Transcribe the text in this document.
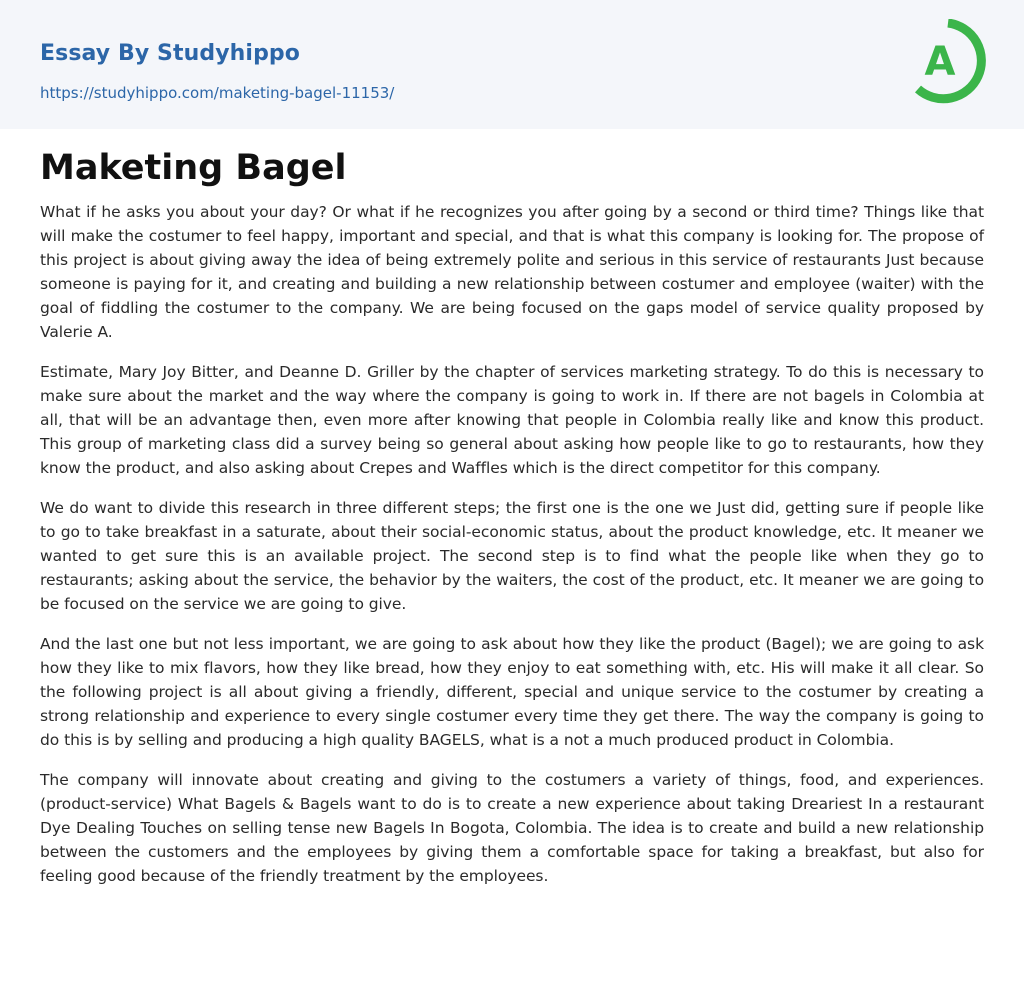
Essay By Studyhippo
https://studyhippo.com/maketing-bagel-11153/
A
Maketing Bagel

What if he asks you about your day? Or what if he recognizes you after going by a second or third time? Things like that will make the costumer to feel happy, important and special, and that is what this company is looking for. The propose of this project is about giving away the idea of being extremely polite and serious in this service of restaurants Just because someone is paying for it, and creating and building a new relationship between costumer and employee (waiter) with the goal of fiddling the costumer to the company. We are being focused on the gaps model of service quality proposed by Valerie A.

Estimate, Mary Joy Bitter, and Deanne D. Griller by the chapter of services marketing strategy. To do this is necessary to make sure about the market and the way where the company is going to work in. If there are not bagels in Colombia at all, that will be an advantage then, even more after knowing that people in Colombia really like and know this product. This group of marketing class did a survey being so general about asking how people like to go to restaurants, how they know the product, and also asking about Crepes and Waffles which is the direct competitor for this company.

We do want to divide this research in three different steps; the first one is the one we Just did, getting sure if people like to go to take breakfast in a saturate, about their social-economic status, about the product knowledge, etc. It meaner we wanted to get sure this is an available project. The second step is to find what the people like when they go to restaurants; asking about the service, the behavior by the waiters, the cost of the product, etc. It meaner we are going to be focused on the service we are going to give.

And the last one but not less important, we are going to ask about how they like the product (Bagel); we are going to ask how they like to mix flavors, how they like bread, how they enjoy to eat something with, etc. His will make it all clear. So the following project is all about giving a friendly, different, special and unique service to the costumer by creating a strong relationship and experience to every single costumer every time they get there. The way the company is going to do this is by selling and producing a high quality BAGELS, what is a not a much produced product in Colombia.

The company will innovate about creating and giving to the costumers a variety of things, food, and experiences. (product-service) What Bagels & Bagels want to do is to create a new experience about taking Dreariest In a restaurant Dye Dealing Touches on selling tense new Bagels In Bogota, Colombia. The idea is to create and build a new relationship between the customers and the employees by giving them a comfortable space for taking a breakfast, but also for feeling good because of the friendly treatment by the employees.
